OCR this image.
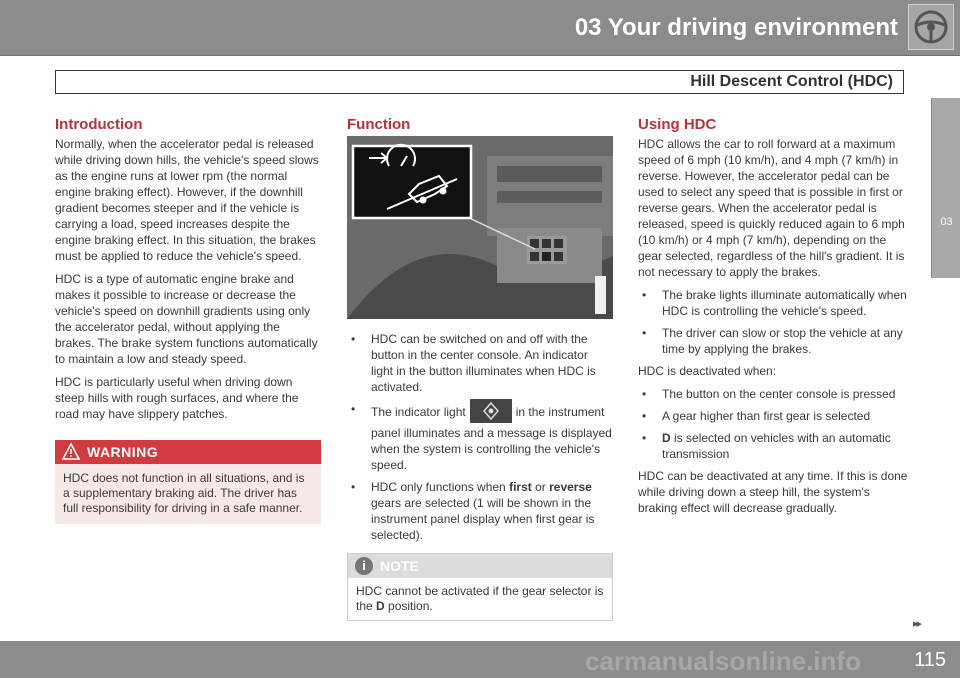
03 Your driving environment
Hill Descent Control (HDC)
03
Introduction

Normally, when the accelerator pedal is released while driving down hills, the vehicle's speed slows as the engine runs at lower rpm (the normal engine braking effect). However, if the downhill gradient becomes steeper and if the vehicle is carrying a load, speed increases despite the engine braking effect. In this situation, the brakes must be applied to reduce the vehicle's speed.

HDC is a type of automatic engine brake and makes it possible to increase or decrease the vehicle's speed on downhill gradients using only the accelerator pedal, without applying the brakes. The brake system functions automatically to maintain a low and steady speed.

HDC is particularly useful when driving down steep hills with rough surfaces, and where the road may have slippery patches.

WARNING
HDC does not function in all situations, and is a supplementary braking aid. The driver has full responsibility for driving in a safe manner.
Function
• HDC can be switched on and off with the button in the center console. An indicator light in the button illuminates when HDC is activated.
• The indicator light	in the instrument panel illuminates and a message is displayed when the system is controlling the vehicle's speed.
• HDC only functions when first or reverse gears are selected (1 will be shown in the instrument panel display when first gear is selected).
i	NOTE
HDC cannot be activated if the gear selector is the D position.
Using HDC

HDC allows the car to roll forward at a maximum speed of 6 mph (10 km/h), and 4 mph (7 km/h) in reverse. However, the accelerator pedal can be used to select any speed that is possible in first or reverse gears. When the accelerator pedal is released, speed is quickly reduced again to 6 mph (10 km/h) or 4 mph (7 km/h), depending on the gear selected, regardless of the hill's gradient. It is not necessary to apply the brakes.

• The brake lights illuminate automatically when HDC is controlling the vehicle's speed.
• The driver can slow or stop the vehicle at any time by applying the brakes.

HDC is deactivated when:

• The button on the center console is pressed
• A gear higher than first gear is selected
• D is selected on vehicles with an automatic transmission

HDC can be deactivated at any time. If this is done while driving down a steep hill, the system's braking effect will decrease gradually.

▸▸
115
carmanualsonline.info
